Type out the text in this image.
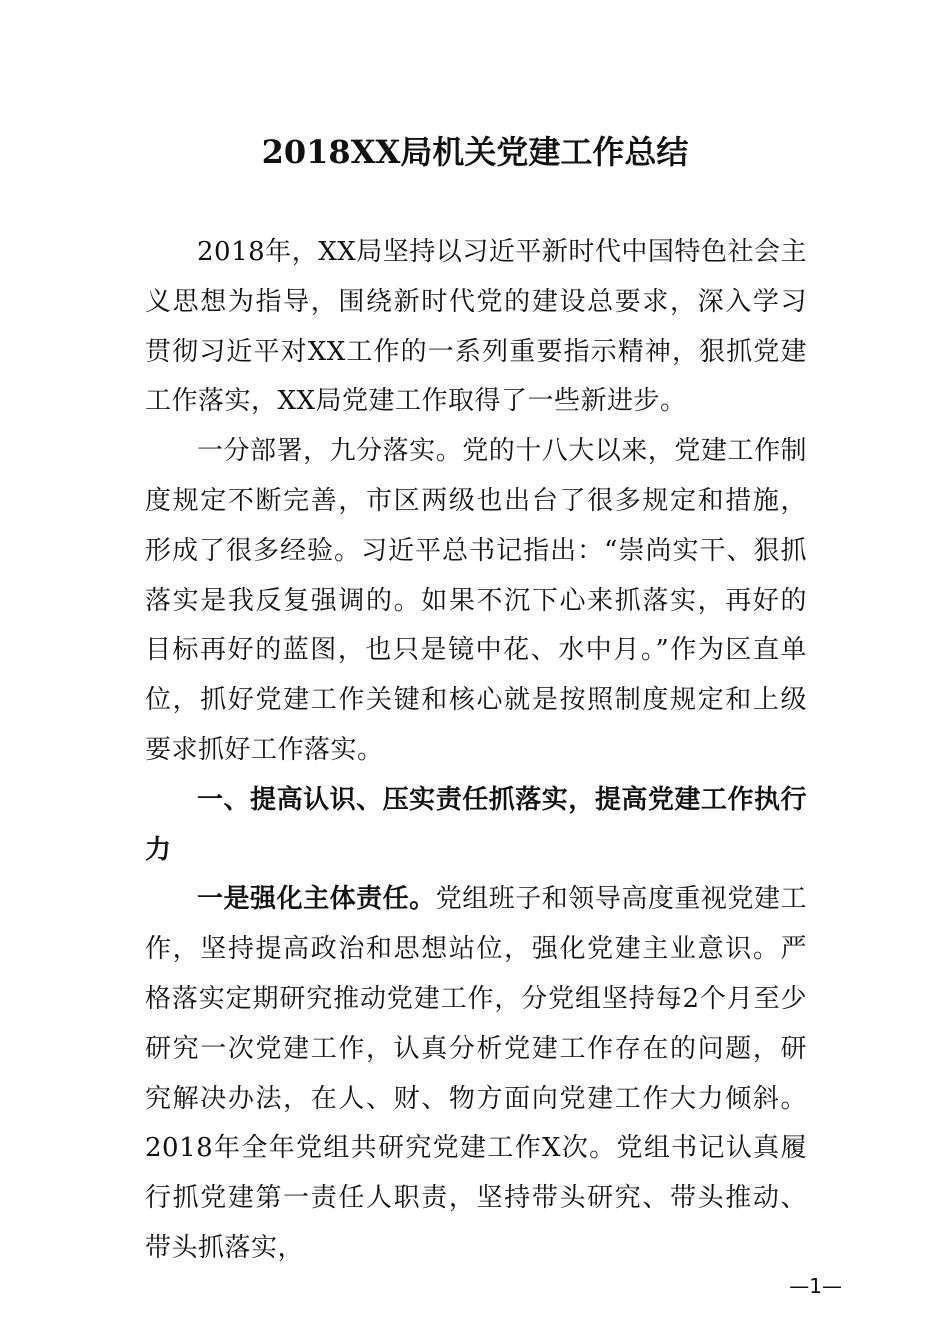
2018XX局机关党建工作总结

2018年，XX局坚持以习近平新时代中国特色社会主义思想为指导，围绕新时代党的建设总要求，深入学习贯彻习近平对XX工作的一系列重要指示精神，狠抓党建工作落实，XX局党建工作取得了一些新进步。

一分部署，九分落实。党的十八大以来，党建工作制度规定不断完善，市区两级也出台了很多规定和措施，形成了很多经验。习近平总书记指出：“崇尚实干、狠抓落实是我反复强调的。如果不沉下心来抓落实，再好的目标再好的蓝图，也只是镜中花、水中月。”作为区直单位，抓好党建工作关键和核心就是按照制度规定和上级要求抓好工作落实。

一、提高认识、压实责任抓落实，提高党建工作执行力

一是强化主体责任。党组班子和领导高度重视党建工作，坚持提高政治和思想站位，强化党建主业意识。严格落实定期研究推动党建工作，分党组坚持每2个月至少研究一次党建工作，认真分析党建工作存在的问题，研究解决办法，在人、财、物方面向党建工作大力倾斜。2018年全年党组共研究党建工作X次。党组书记认真履行抓党建第一责任人职责，坚持带头研究、带头推动、带头抓落实，

—1—
